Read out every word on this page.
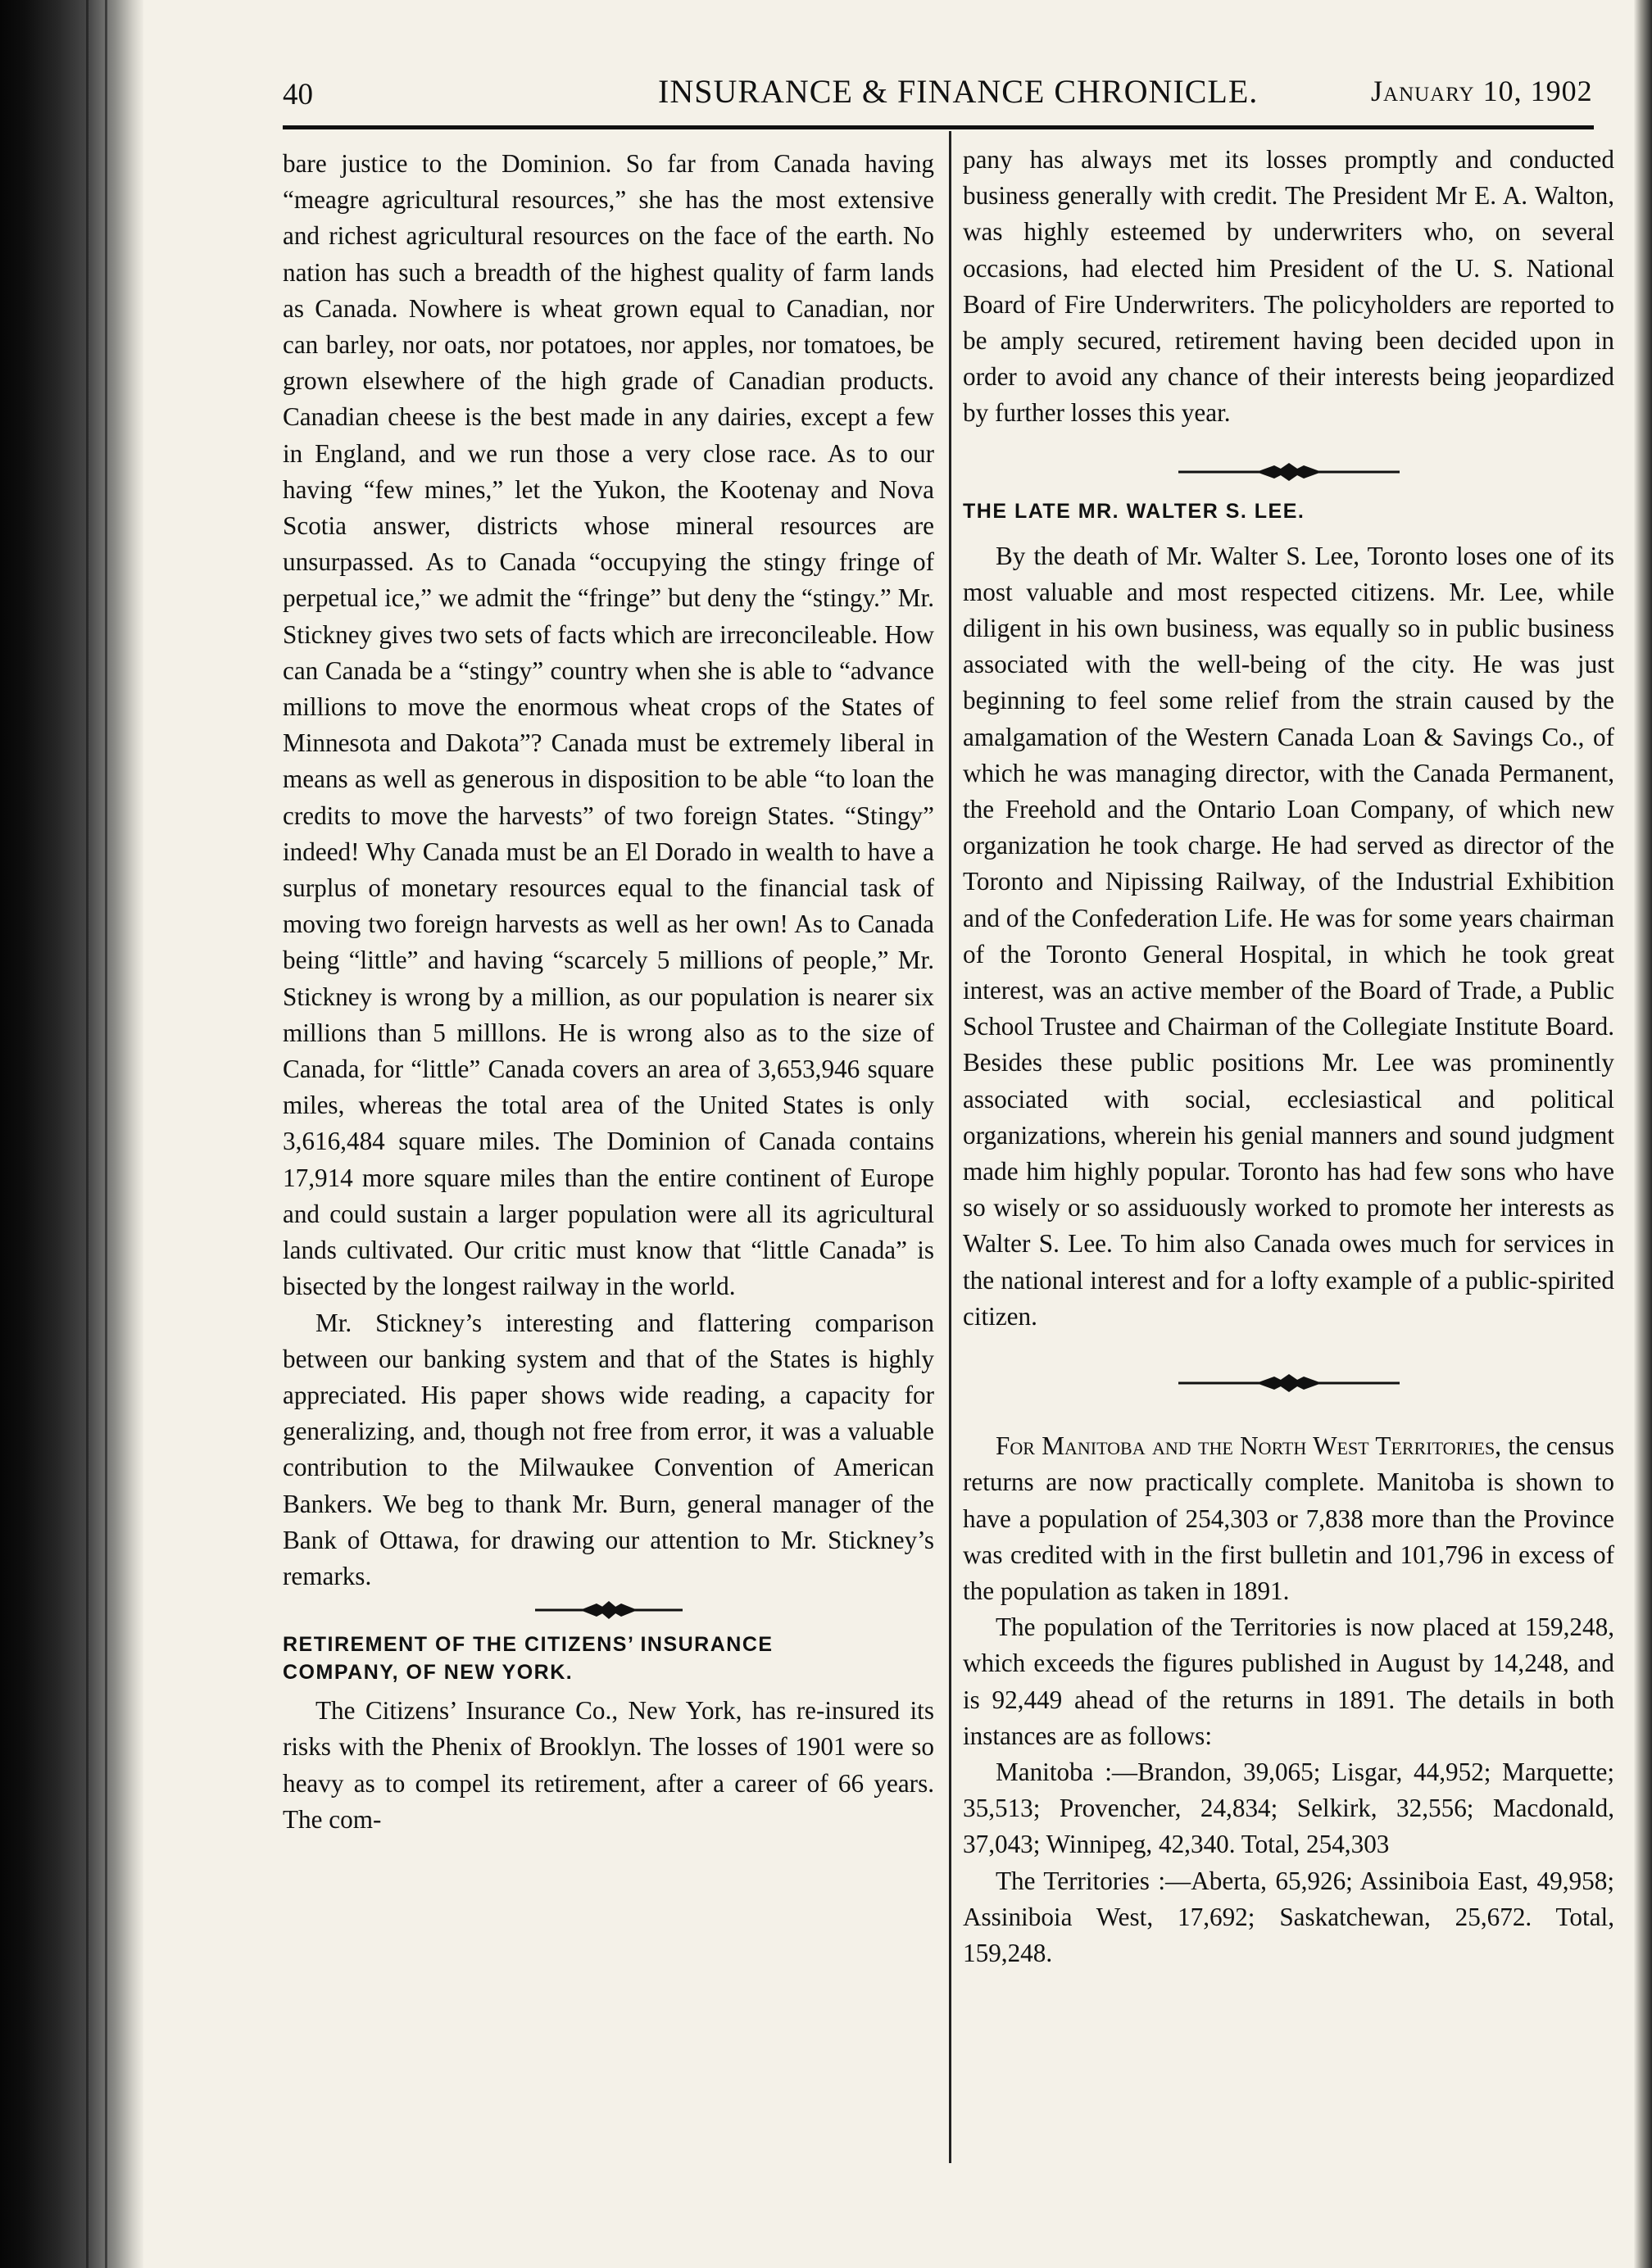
40	INSURANCE & FINANCE CHRONICLE.	January 10, 1902

bare justice to the Dominion. So far from Canada having “meagre agricultural resources,” she has the most extensive and richest agricultural resources on the face of the earth. No nation has such a breadth of the highest quality of farm lands as Canada. Nowhere is wheat grown equal to Canadian, nor can barley, nor oats, nor potatoes, nor apples, nor tomatoes, be grown elsewhere of the high grade of Canadian products. Canadian cheese is the best made in any dairies, except a few in England, and we run those a very close race. As to our having “few mines,” let the Yukon, the Kootenay and Nova Scotia answer, districts whose mineral resources are unsurpassed. As to Canada “occupying the stingy fringe of perpetual ice,” we admit the “fringe” but deny the “stingy.” Mr. Stickney gives two sets of facts which are irreconcileable. How can Canada be a “stingy” country when she is able to “advance millions to move the enormous wheat crops of the States of Minnesota and Dakota”? Canada must be extremely liberal in means as well as generous in disposition to be able “to loan the credits to move the harvests” of two foreign States. “Stingy” indeed! Why Canada must be an El Dorado in wealth to have a surplus of monetary resources equal to the financial task of moving two foreign harvests as well as her own! As to Canada being “little” and having “scarcely 5 millions of people,” Mr. Stickney is wrong by a million, as our population is nearer six millions than 5 milllons. He is wrong also as to the size of Canada, for “little” Canada covers an area of 3,653,946 square miles, whereas the total area of the United States is only 3,616,484 square miles. The Dominion of Canada contains 17,914 more square miles than the entire continent of Europe and could sustain a larger population were all its agricultural lands cultivated. Our critic must know that “little Canada” is bisected by the longest railway in the world.

Mr. Stickney’s interesting and flattering comparison between our banking system and that of the States is highly appreciated. His paper shows wide reading, a capacity for generalizing, and, though not free from error, it was a valuable contribution to the Milwaukee Convention of American Bankers. We beg to thank Mr. Burn, general manager of the Bank of Ottawa, for drawing our attention to Mr. Stickney’s remarks.

RETIREMENT OF THE CITIZENS’ INSURANCE

COMPANY, OF NEW YORK.

The Citizens’ Insurance Co., New York, has re-insured its risks with the Phenix of Brooklyn. The losses of 1901 were so heavy as to compel its retirement, after a career of 66 years. The com-

pany has always met its losses promptly and conducted business generally with credit. The President Mr E. A. Walton, was highly esteemed by underwriters who, on several occasions, had elected him President of the U. S. National Board of Fire Underwriters. The policyholders are reported to be amply secured, retirement having been decided upon in order to avoid any chance of their interests being jeopardized by further losses this year.

THE LATE MR. WALTER S. LEE.

By the death of Mr. Walter S. Lee, Toronto loses one of its most valuable and most respected citizens. Mr. Lee, while diligent in his own business, was equally so in public business associated with the well-being of the city. He was just beginning to feel some relief from the strain caused by the amalgamation of the Western Canada Loan & Savings Co., of which he was managing director, with the Canada Permanent, the Freehold and the Ontario Loan Company, of which new organization he took charge. He had served as director of the Toronto and Nipissing Railway, of the Industrial Exhibition and of the Confederation Life. He was for some years chairman of the Toronto General Hospital, in which he took great interest, was an active member of the Board of Trade, a Public School Trustee and Chairman of the Collegiate Institute Board. Besides these public positions Mr. Lee was prominently associated with social, ecclesiastical and political organizations, wherein his genial manners and sound judgment made him highly popular. Toronto has had few sons who have so wisely or so assiduously worked to promote her interests as Walter S. Lee. To him also Canada owes much for services in the national interest and for a lofty example of a public-spirited citizen.

For Manitoba and the North West Territories, the census returns are now practically complete. Manitoba is shown to have a population of 254,303 or 7,838 more than the Province was credited with in the first bulletin and 101,796 in excess of the population as taken in 1891.

The population of the Territories is now placed at 159,248, which exceeds the figures published in August by 14,248, and is 92,449 ahead of the returns in 1891. The details in both instances are as follows:

Manitoba :—Brandon, 39,065; Lisgar, 44,952; Marquette; 35,513; Provencher, 24,834; Selkirk, 32,556; Macdonald, 37,043; Winnipeg, 42,340. Total, 254,303

The Territories :—Aberta, 65,926; Assiniboia East, 49,958; Assiniboia West, 17,692; Saskatchewan, 25,672. Total, 159,248.
